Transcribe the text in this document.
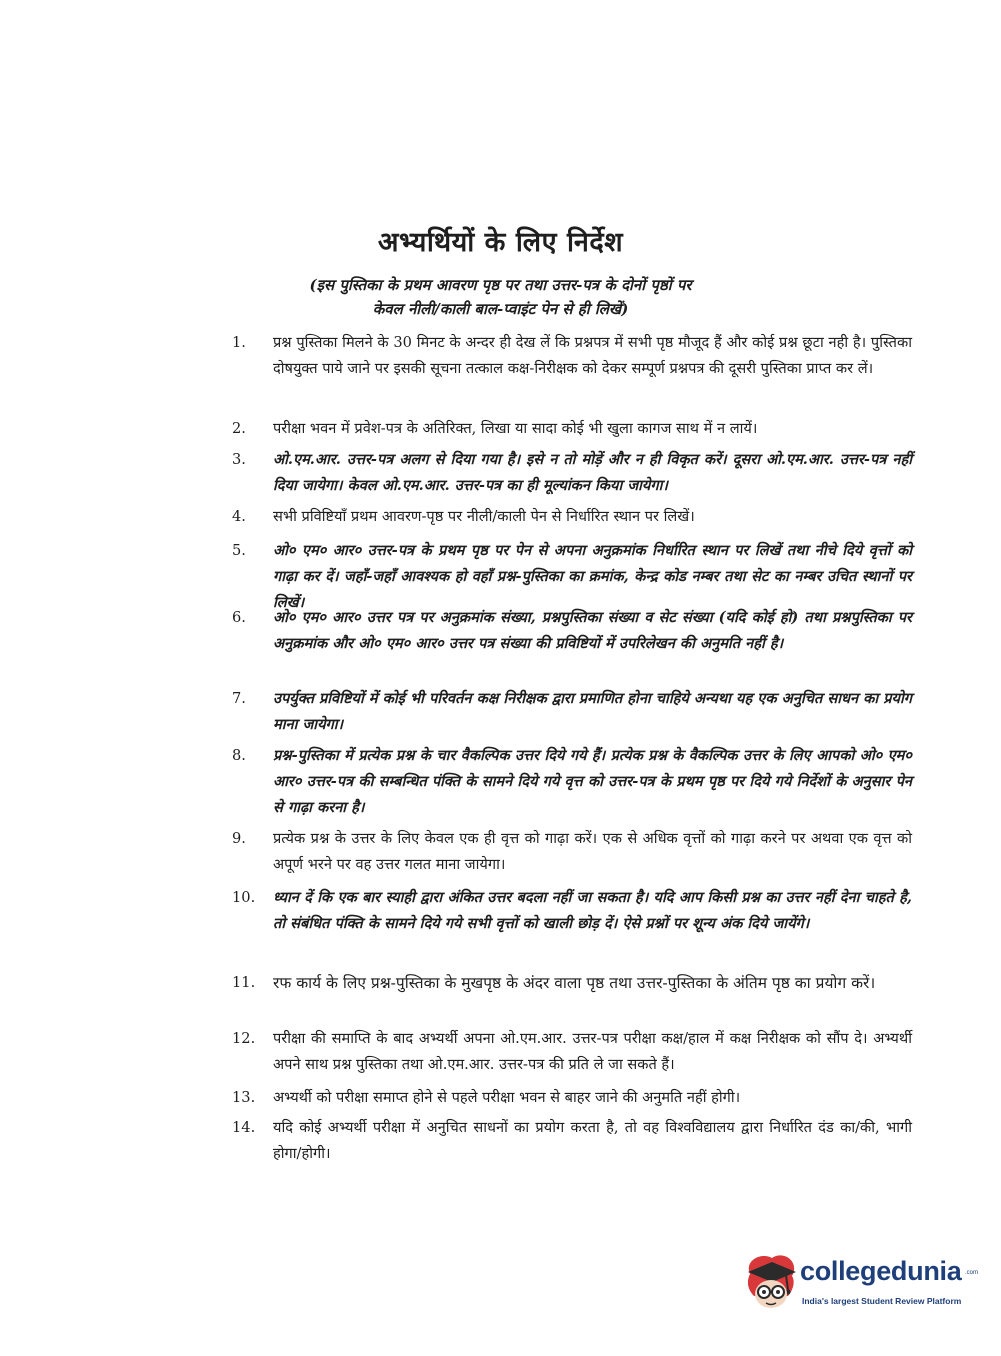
अभ्यर्थियों के लिए निर्देश
(इस पुस्तिका के प्रथम आवरण पृष्ठ पर तथा उत्तर-पत्र के दोनों पृष्ठों पर
केवल नीली/काली बाल-प्वाइंट पेन से ही लिखें)
1.	प्रश्न पुस्तिका मिलने के 30 मिनट के अन्दर ही देख लें कि प्रश्नपत्र में सभी पृष्ठ मौजूद हैं और कोई प्रश्न छूटा नही है। पुस्तिका दोषयुक्त पाये जाने पर इसकी सूचना तत्काल कक्ष-निरीक्षक को देकर सम्पूर्ण प्रश्नपत्र की दूसरी पुस्तिका प्राप्त कर लें।
2.	परीक्षा भवन में प्रवेश-पत्र के अतिरिक्त, लिखा या सादा कोई भी खुला कागज साथ में न लायें।
3.	ओ.एम.आर. उत्तर-पत्र अलग से दिया गया है। इसे न तो मोड़ें और न ही विकृत करें। दूसरा ओ.एम.आर. उत्तर-पत्र नहीं दिया जायेगा। केवल ओ.एम.आर. उत्तर-पत्र का ही मूल्यांकन किया जायेगा।
4.	सभी प्रविष्टियाँ प्रथम आवरण-पृष्ठ पर नीली/काली पेन से निर्धारित स्थान पर लिखें।
5.	ओ० एम० आर० उत्तर-पत्र के प्रथम पृष्ठ पर पेन से अपना अनुक्रमांक निर्धारित स्थान पर लिखें तथा नीचे दिये वृत्तों को गाढ़ा कर दें। जहाँ-जहाँ आवश्यक हो वहाँ प्रश्न-पुस्तिका का क्रमांक, केन्द्र कोड नम्बर तथा सेट का नम्बर उचित स्थानों पर लिखें।
6.	ओ० एम० आर० उत्तर पत्र पर अनुक्रमांक संख्या, प्रश्नपुस्तिका संख्या व सेट संख्या (यदि कोई हो) तथा प्रश्नपुस्तिका पर अनुक्रमांक और ओ० एम० आर० उत्तर पत्र संख्या की प्रविष्टियों में उपरिलेखन की अनुमति नहीं है।
7.	उपर्युक्त प्रविष्टियों में कोई भी परिवर्तन कक्ष निरीक्षक द्वारा प्रमाणित होना चाहिये अन्यथा यह एक अनुचित साधन का प्रयोग माना जायेगा।
8.	प्रश्न-पुस्तिका में प्रत्येक प्रश्न के चार वैकल्पिक उत्तर दिये गये हैं। प्रत्येक प्रश्न के वैकल्पिक उत्तर के लिए आपको ओ० एम० आर० उत्तर-पत्र की सम्बन्धित पंक्ति के सामने दिये गये वृत्त को उत्तर-पत्र के प्रथम पृष्ठ पर दिये गये निर्देशों के अनुसार पेन से गाढ़ा करना है।
9.	प्रत्येक प्रश्न के उत्तर के लिए केवल एक ही वृत्त को गाढ़ा करें। एक से अधिक वृत्तों को गाढ़ा करने पर अथवा एक वृत्त को अपूर्ण भरने पर वह उत्तर गलत माना जायेगा।
10.	ध्यान दें कि एक बार स्याही द्वारा अंकित उत्तर बदला नहीं जा सकता है। यदि आप किसी प्रश्न का उत्तर नहीं देना चाहते है, तो संबंधित पंक्ति के सामने दिये गये सभी वृत्तों को खाली छोड़ दें। ऐसे प्रश्नों पर शून्य अंक दिये जायेंगे।
11.	रफ कार्य के लिए प्रश्न-पुस्तिका के मुखपृष्ठ के अंदर वाला पृष्ठ तथा उत्तर-पुस्तिका के अंतिम पृष्ठ का प्रयोग करें।
12.	परीक्षा की समाप्ति के बाद अभ्यर्थी अपना ओ.एम.आर. उत्तर-पत्र परीक्षा कक्ष/हाल में कक्ष निरीक्षक को सौंप दे। अभ्यर्थी अपने साथ प्रश्न पुस्तिका तथा ओ.एम.आर. उत्तर-पत्र की प्रति ले जा सकते हैं।
13.	अभ्यर्थी को परीक्षा समाप्त होने से पहले परीक्षा भवन से बाहर जाने की अनुमति नहीं होगी।
14.	यदि कोई अभ्यर्थी परीक्षा में अनुचित साधनों का प्रयोग करता है, तो वह विश्वविद्यालय द्वारा निर्धारित दंड का/की, भागी होगा/होगी।
collegedunia .com
India's largest Student Review Platform
